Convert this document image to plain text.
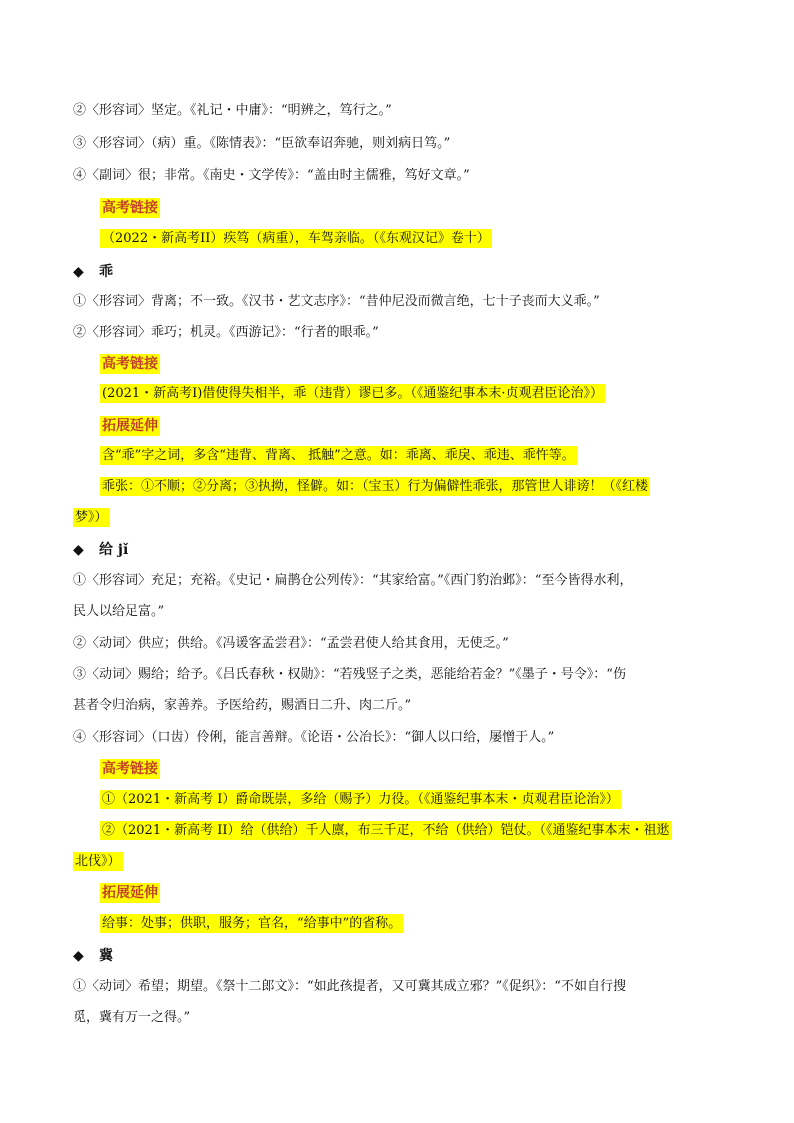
②〈形容词〉坚定。《礼记・中庸》：“明辨之，笃行之。”
③〈形容词〉（病）重。《陈情表》：“臣欲奉诏奔驰，则刘病日笃。”
④〈副词〉很；非常。《南史・文学传》：“盖由时主儒雅，笃好文章。”
高考链接
（2022・新高考II）疾笃（病重），车驾亲临。（《东观汉记》卷十）
◆ 乖
①〈形容词〉背离；不一致。《汉书・艺文志序》：“昔仲尼没而微言绝，七十子丧而大义乖。”
②〈形容词〉乖巧；机灵。《西游记》：“行者的眼乖。”
高考链接
(2021・新高考I)借使得失相半，乖（违背）谬已多。（《通鉴纪事本末·贞观君臣论治》）
拓展延伸
含“乖”字之词，多含“违背、背离、 抵触”之意。如：乖离、乖戾、乖违、乖忤等。
乖张：①不顺；②分离；③执拗，怪僻。如：（宝玉）行为偏僻性乖张，那管世人诽谤！（《红楼
梦》）
◆ 给 jǐ
①〈形容词〉充足；充裕。《史记・扁鹊仓公列传》：“其家给富。”《西门豹治邺》：“至今皆得水利，
民人以给足富。”
②〈动词〉供应；供给。《冯谖客孟尝君》：“孟尝君使人给其食用，无使乏。”
③〈动词〉赐给；给予。《吕氏春秋・权勋》：“若残竖子之类，恶能给若金？”《墨子・号令》：“伤
甚者令归治病，家善养。予医给药，赐酒日二升、肉二斤。”
④〈形容词〉（口齿）伶俐，能言善辩。《论语・公冶长》：“御人以口给，屡憎于人。”
高考链接
①（2021・新高考 I）爵命既崇，多给（赐予）力役。（《通鉴纪事本末・贞观君臣论治》）
②（2021・新高考 II）给（供给）千人廪，布三千疋，不给（供给）铠仗。（《通鉴纪事本末・祖逖
北伐》）
拓展延伸
给事：处事；供职，服务；官名，“给事中”的省称。
◆ 冀
①〈动词〉希望；期望。《祭十二郎文》：“如此孩提者，又可冀其成立邪？”《促织》：“不如自行搜
觅，冀有万一之得。”
